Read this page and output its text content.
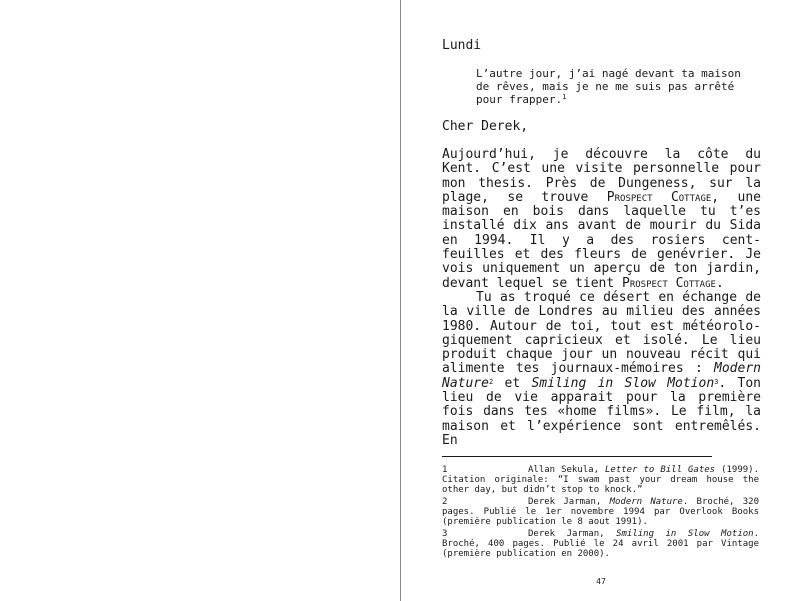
Lundi

L’autre jour, j’ai nagé devant ta maison de rêves, mais je ne me suis pas arrêté pour frapper.$^1$

Cher Derek,

Aujourd’hui, je découvre la côte du Kent. C’est une visite personnelle pour mon thesis. Près de Dungeness, sur la plage, se trouve Prospect Cottage, une maison en bois dans laquelle tu t’es installé dix ans avant de mourir du Sida en 1994. Il y a des rosiers cent-feuilles et des fleurs de genévrier. Je vois uniquement un aperçu de ton jardin, devant lequel se tient Prospect Cottage.

Tu as troqué ce désert en échange de la ville de Londres au milieu des années 1980. Autour de toi, tout est météorolo-giquement capricieux et isolé. Le lieu produit chaque jour un nouveau récit qui alimente tes journaux-mémoires : Modern Nature$^2$ et Smiling in Slow Motion$^3$. Ton lieu de vie apparait pour la première fois dans tes «home films». Le film, la maison et l’expérience sont entremêlés. En

1	Allan Sekula, Letter to Bill Gates (1999). Citation originale: “I swam past your dream house the other day, but didn’t stop to knock.”

2	Derek Jarman, Modern Nature. Broché, 320 pages. Publié le 1er novembre 1994 par Overlook Books (première publication le 8 aout 1991).

3	Derek Jarman, Smiling in Slow Motion. Broché, 400 pages. Publié le 24 avril 2001 par Vintage (première publication en 2000).

47
